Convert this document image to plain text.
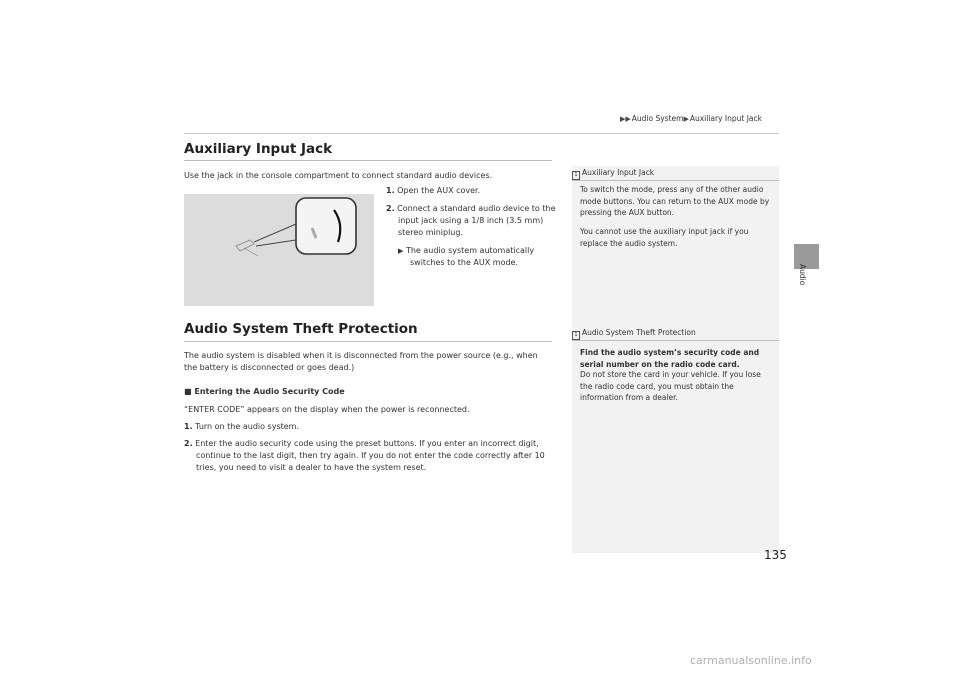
▶▶Audio System▶Auxiliary Input Jack
Audio
Auxiliary Input Jack
Use the jack in the console compartment to connect standard audio devices.
1. Open the AUX cover.
2. Connect a standard audio device to the input jack using a 1/8 inch (3.5 mm) stereo miniplug.
▶ The audio system automatically switches to the AUX mode.
1 Auxiliary Input Jack
To switch the mode, press any of the other audio mode buttons. You can return to the AUX mode by pressing the AUX button.
You cannot use the auxiliary input jack if you replace the audio system.
1 Audio System Theft Protection
Find the audio system’s security code and serial number on the radio code card.
Do not store the card in your vehicle. If you lose the radio code card, you must obtain the information from a dealer.
Audio System Theft Protection
The audio system is disabled when it is disconnected from the power source (e.g., when the battery is disconnected or goes dead.)
■ Entering the Audio Security Code
“ENTER CODE” appears on the display when the power is reconnected.
1. Turn on the audio system.
2. Enter the audio security code using the preset buttons. If you enter an incorrect digit, continue to the last digit, then try again. If you do not enter the code correctly after 10 tries, you need to visit a dealer to have the system reset.
135
carmanualsonline.info
